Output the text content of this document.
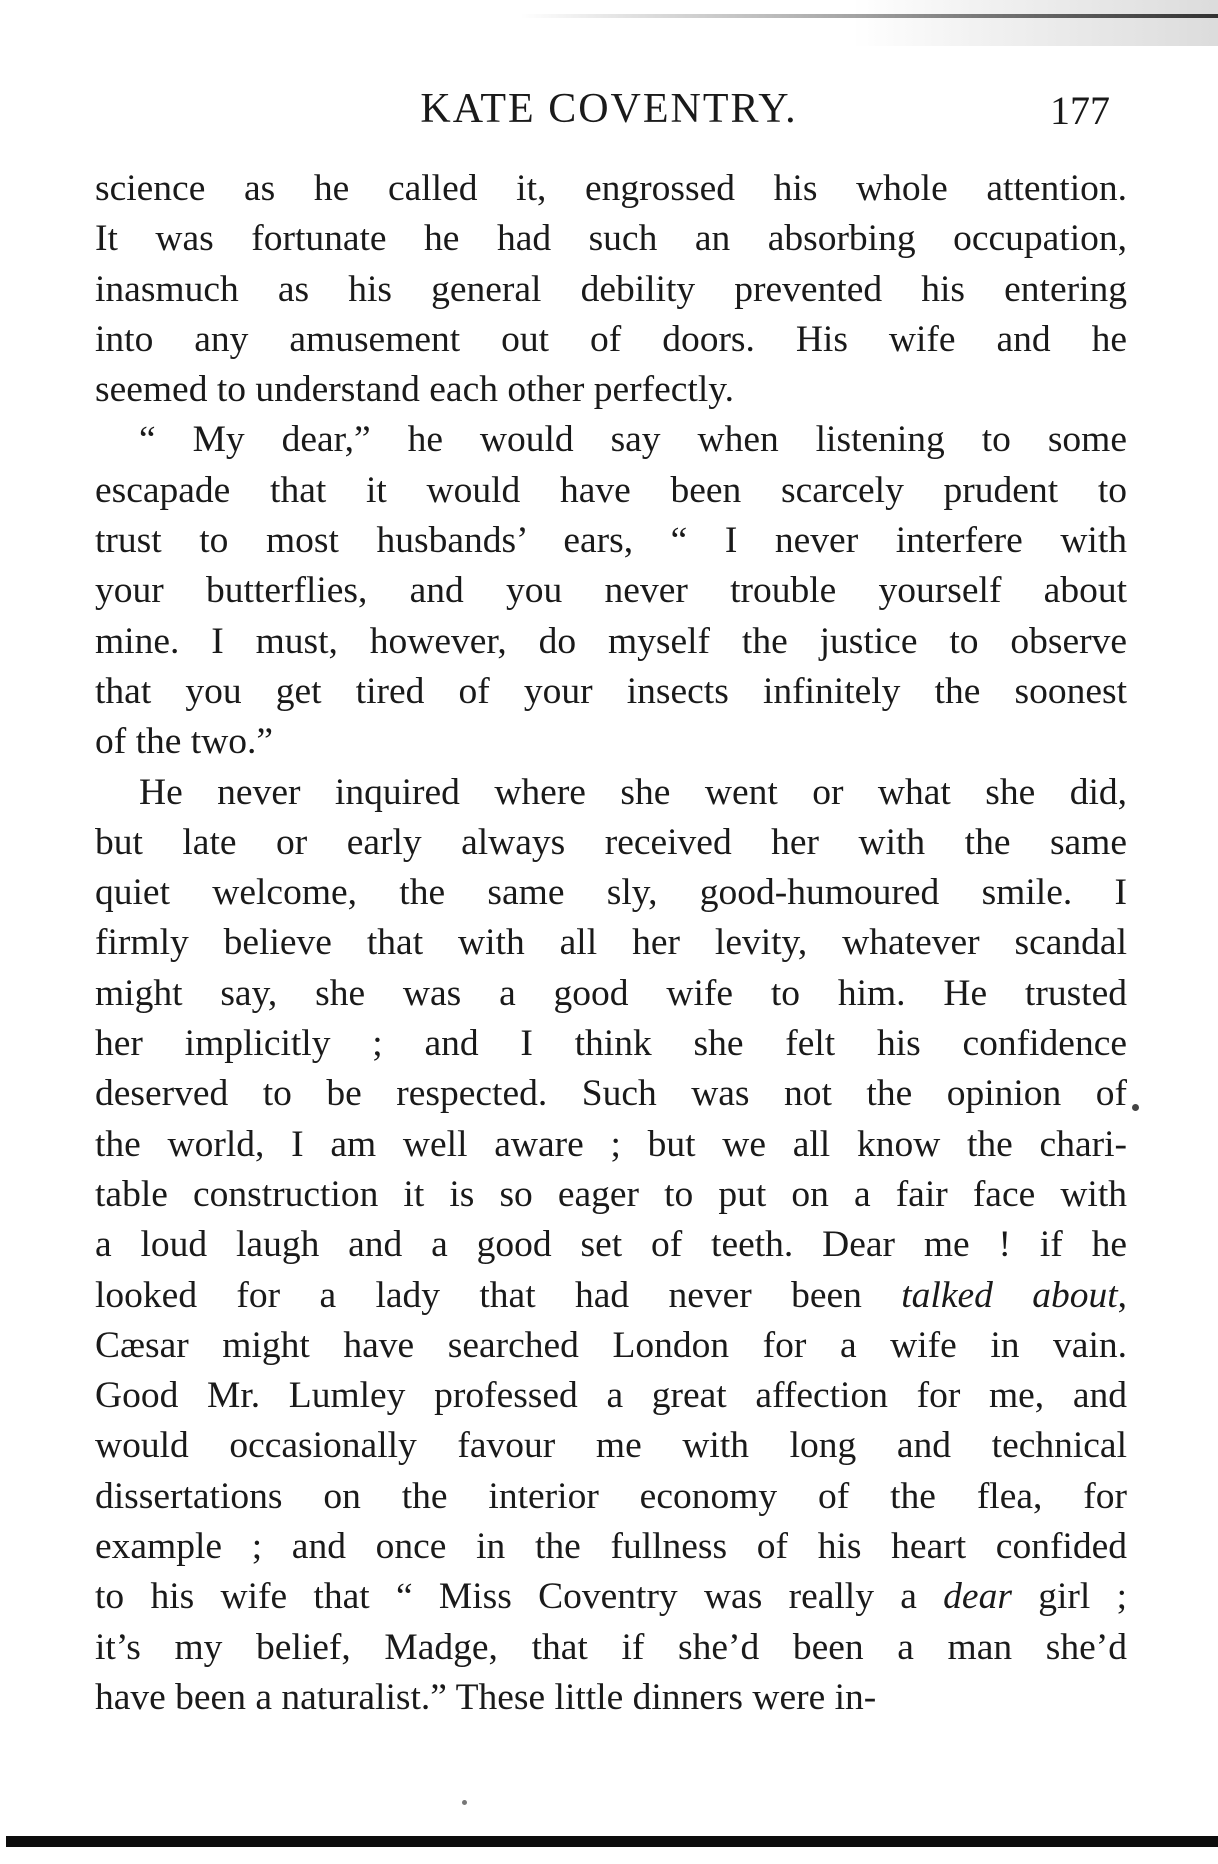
KATE COVENTRY.	177
science as he called it, engrossed his whole attention.
It was fortunate he had such an absorbing occupation,
inasmuch as his general debility prevented his entering
into any amusement out of doors. His wife and he
seemed to understand each other perfectly.
“ My dear,” he would say when listening to some
escapade that it would have been scarcely prudent to
trust to most husbands’ ears, “ I never interfere with
your butterflies, and you never trouble yourself about
mine. I must, however, do myself the justice to observe
that you get tired of your insects infinitely the soonest
of the two.”
He never inquired where she went or what she did,
but late or early always received her with the same
quiet welcome, the same sly, good-humoured smile. I
firmly believe that with all her levity, whatever scandal
might say, she was a good wife to him. He trusted
her implicitly ; and I think she felt his confidence
deserved to be respected. Such was not the opinion of
the world, I am well aware ; but we all know the chari-
table construction it is so eager to put on a fair face with
a loud laugh and a good set of teeth. Dear me ! if he
looked for a lady that had never been talked about,
Cæsar might have searched London for a wife in vain.
Good Mr. Lumley professed a great affection for me, and
would occasionally favour me with long and technical
dissertations on the interior economy of the flea, for
example ; and once in the fullness of his heart confided
to his wife that “ Miss Coventry was really a dear girl ;
it’s my belief, Madge, that if she’d been a man she’d
have been a naturalist.” These little dinners were in-
